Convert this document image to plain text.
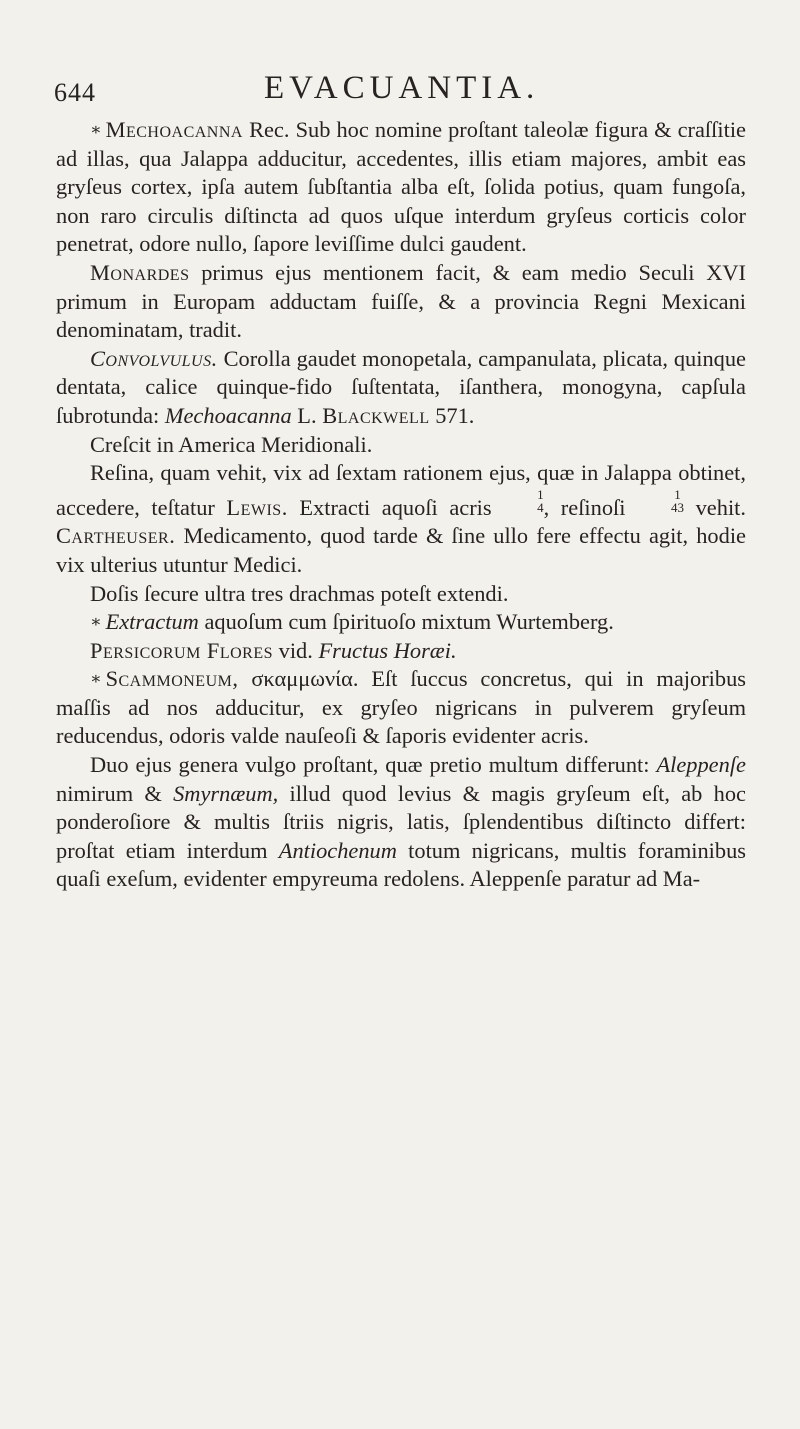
644	EVACUANTIA.

∗ Mechoacanna Rec. Sub hoc nomine proſtant taleolæ figura & craſſitie ad illas, qua Jalappa adducitur, accedentes, illis etiam majores, ambit eas gryſeus cortex, ipſa autem ſubſtantia alba eſt, ſolida potius, quam fungoſa, non raro circulis diſtincta ad quos uſque interdum gryſeus corticis color penetrat, odore nullo, ſapore leviſſime dulci gaudent.

Monardes primus ejus mentionem facit, & eam medio Seculi XVI primum in Europam adductam fuiſſe, & a provincia Regni Mexicani denominatam, tradit.

Convolvulus. Corolla gaudet monopetala, campanulata, plicata, quinque dentata, calice quinque-fido ſuſtentata, iſanthera, monogyna, capſula ſubrotunda: Mechoacanna L. Blackwell 571.

Creſcit in America Meridionali.

Reſina, quam vehit, vix ad ſextam rationem ejus, quæ in Jalappa obtinet, accedere, teſtatur Lewis. Extracti aquoſi acris
1
4 , reſinoſi
1
43 vehit. Cartheuser. Medicamento, quod tarde & ſine ullo fere effectu agit, hodie vix ulterius utuntur Medici.

Doſis ſecure ultra tres drachmas poteſt extendi.

∗ Extractum aquoſum cum ſpirituoſo mixtum Wurtemberg.

Persicorum Flores vid. Fructus Horæi.

∗ Scammoneum, σκαμμωνία. Eſt ſuccus concretus, qui in majoribus maſſis ad nos adducitur, ex gryſeo nigricans in pulverem gryſeum reducendus, odoris valde nauſeoſi & ſaporis evidenter acris.

Duo ejus genera vulgo proſtant, quæ pretio multum differunt: Aleppenſe nimirum & Smyrnæum, illud quod levius & magis gryſeum eſt, ab hoc ponderoſiore & multis ſtriis nigris, latis, ſplendentibus diſtincto differt: proſtat etiam interdum Antiochenum totum nigricans, multis foraminibus quaſi exeſum, evidenter empyreuma redolens. Aleppenſe paratur ad Ma-
